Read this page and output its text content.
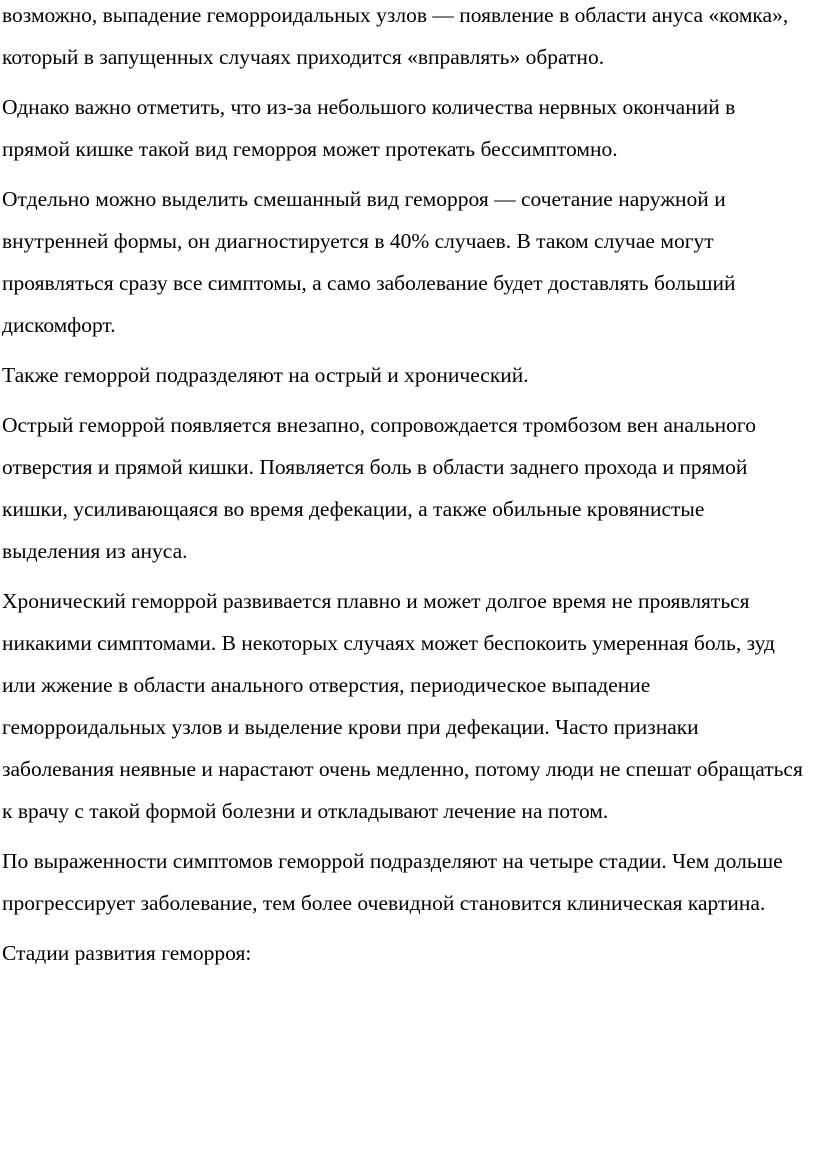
возможно, выпадение геморроидальных узлов — появление в области ануса «комка», который в запущенных случаях приходится «вправлять» обратно.

Однако важно отметить, что из-за небольшого количества нервных окончаний в прямой кишке такой вид геморроя может протекать бессимптомно.

Отдельно можно выделить смешанный вид геморроя — сочетание наружной и внутренней формы, он диагностируется в 40% случаев. В таком случае могут проявляться сразу все симптомы, а само заболевание будет доставлять больший дискомфорт.

Также геморрой подразделяют на острый и хронический.

Острый геморрой появляется внезапно, сопровождается тромбозом вен анального отверстия и прямой кишки. Появляется боль в области заднего прохода и прямой кишки, усиливающаяся во время дефекации, а также обильные кровянистые выделения из ануса.

Хронический геморрой развивается плавно и может долгое время не проявляться никакими симптомами. В некоторых случаях может беспокоить умеренная боль, зуд или жжение в области анального отверстия, периодическое выпадение геморроидальных узлов и выделение крови при дефекации. Часто признаки заболевания неявные и нарастают очень медленно, потому люди не спешат обращаться к врачу с такой формой болезни и откладывают лечение на потом.

По выраженности симптомов геморрой подразделяют на четыре стадии. Чем дольше прогрессирует заболевание, тем более очевидной становится клиническая картина.

Стадии развития геморроя:
